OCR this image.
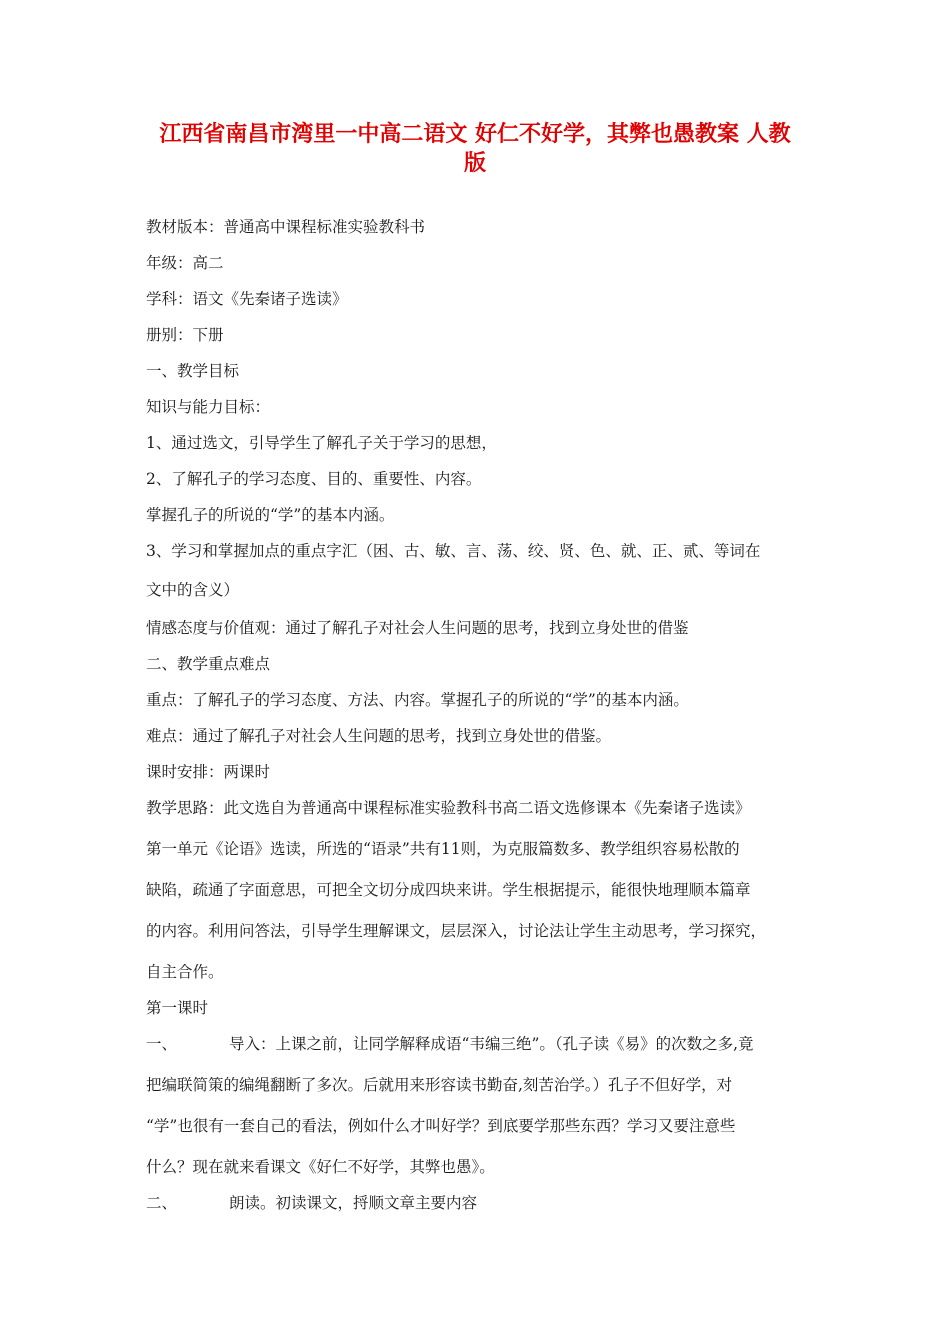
江西省南昌市湾里一中高二语文 好仁不好学，其弊也愚教案 人教
版

教材版本：普通高中课程标准实验教科书

年级：高二

学科：语文《先秦诸子选读》

册别：下册

一、教学目标

知识与能力目标：

1、通过选文，引导学生了解孔子关于学习的思想，

2、了解孔子的学习态度、目的、重要性、内容。

掌握孔子的所说的“学”的基本内涵。

3、学习和掌握加点的重点字汇（困、古、敏、言、荡、绞、贤、色、就、正、贰、等词在

文中的含义）

情感态度与价值观：通过了解孔子对社会人生问题的思考，找到立身处世的借鉴

二、教学重点难点

重点：了解孔子的学习态度、方法、内容。掌握孔子的所说的“学”的基本内涵。

难点：通过了解孔子对社会人生问题的思考，找到立身处世的借鉴。

课时安排：两课时

教学思路：此文选自为普通高中课程标准实验教科书高二语文选修课本《先秦诸子选读》

第一单元《论语》选读，所选的“语录”共有11则，为克服篇数多、教学组织容易松散的

缺陷，疏通了字面意思，可把全文切分成四块来讲。学生根据提示，能很快地理顺本篇章

的内容。利用问答法，引导学生理解课文，层层深入，讨论法让学生主动思考，学习探究，

自主合作。

第一课时

一、	导入：上课之前，让同学解释成语“韦编三绝”。（孔子读《易》的次数之多,竟

把编联简策的编绳翻断了多次。后就用来形容读书勤奋,刻苦治学。）孔子不但好学，对

“学”也很有一套自己的看法，例如什么才叫好学？到底要学那些东西？学习又要注意些

什么？现在就来看课文《好仁不好学，其弊也愚》。

二、	朗读。初读课文，捋顺文章主要内容
